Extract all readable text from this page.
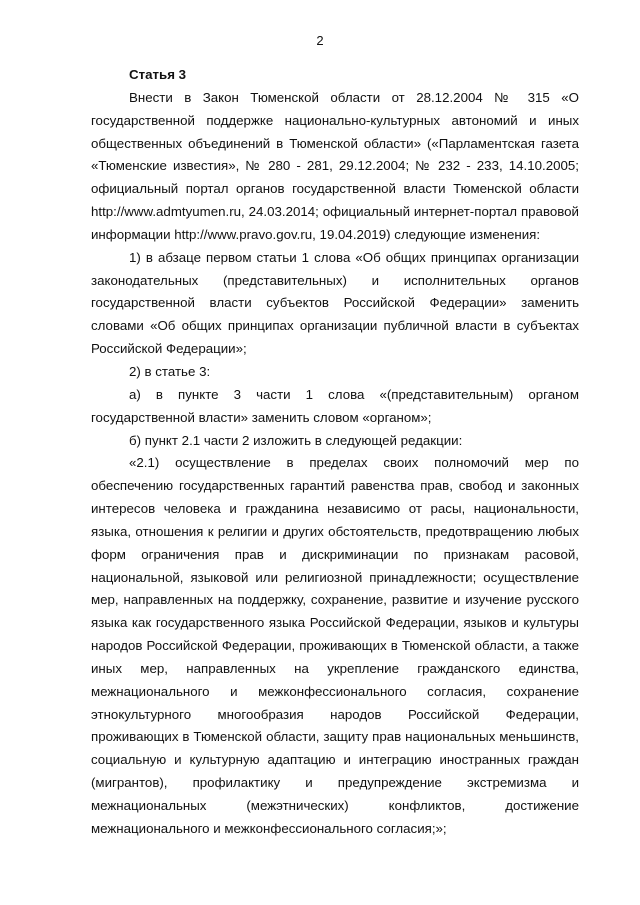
2
Статья 3

Внести в Закон Тюменской области от 28.12.2004 № 315 «О государственной поддержке национально-культурных автономий и иных общественных объединений в Тюменской области» («Парламентская газета «Тюменские известия», № 280 - 281, 29.12.2004; № 232 - 233, 14.10.2005; официальный портал органов государственной власти Тюменской области http://www.admtyumen.ru, 24.03.2014; официальный интернет-портал правовой информации http://www.pravo.gov.ru, 19.04.2019) следующие изменения:

1) в абзаце первом статьи 1 слова «Об общих принципах организации законодательных (представительных) и исполнительных органов государственной власти субъектов Российской Федерации» заменить словами «Об общих принципах организации публичной власти в субъектах Российской Федерации»;

2) в статье 3:

а) в пункте 3 части 1 слова «(представительным) органом государственной власти» заменить словом «органом»;

б) пункт 2.1 части 2 изложить в следующей редакции:

«2.1) осуществление в пределах своих полномочий мер по обеспечению государственных гарантий равенства прав, свобод и законных интересов человека и гражданина независимо от расы, национальности, языка, отношения к религии и других обстоятельств, предотвращению любых форм ограничения прав и дискриминации по признакам расовой, национальной, языковой или религиозной принадлежности; осуществление мер, направленных на поддержку, сохранение, развитие и изучение русского языка как государственного языка Российской Федерации, языков и культуры народов Российской Федерации, проживающих в Тюменской области, а также иных мер, направленных на укрепление гражданского единства, межнационального и межконфессионального согласия, сохранение этнокультурного многообразия народов Российской Федерации, проживающих в Тюменской области, защиту прав национальных меньшинств, социальную и культурную адаптацию и интеграцию иностранных граждан (мигрантов), профилактику и предупреждение экстремизма и межнациональных (межэтнических) конфликтов, достижение межнационального и межконфессионального согласия;»;
